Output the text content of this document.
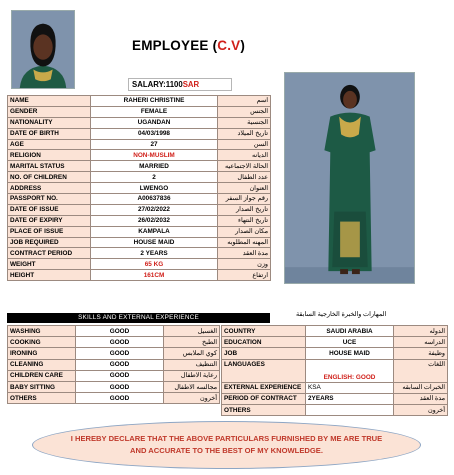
EMPLOYEE (C.V)
SALARY:1100SAR
NAME	RAHERI CHRISTINE	اسم
GENDER	FEMALE	الجنس
NATIONALITY	UGANDAN	الجنسية
DATE OF BIRTH	04/03/1998	تاريخ الميلاد
AGE	27	السن
RELIGION	NON-MUSLIM	الديانه
MARITAL STATUS	MARRIED	الحالة الاجتماعيه
NO. OF CHILDREN	2	عدد الطفال
ADDRESS	LWENGO	العنوان
PASSPORT NO.	A00637836	رقم جواز السفر
DATE OF ISSUE	27/02/2022	تاريخ الصدار
DATE OF EXPIRY	26/02/2032	تاريخ النتهاء
PLACE OF ISSUE	KAMPALA	مكان الصدار
JOB REQUIRED	HOUSE MAID	المهنه المطلوبه
CONTRACT PERIOD	2 YEARS	مدة العقد
WEIGHT	65 KG	وزن
HEIGHT	161CM	ارتفاع
SKILLS AND EXTERNAL EXPERIENCE	المهارات والخبرة الخارجية السابقة
WASHING	GOOD	الغسيل
COOKING	GOOD	الطبخ
IRONING	GOOD	كوي الملابس
CLEANING	GOOD	التنظيف
CHILDREN CARE	GOOD	رعاية الاطفال
BABY SITTING	GOOD	مجالسه الاطفال
OTHERS	GOOD	أخرون
COUNTRY	SAUDI ARABIA	الدوله
EDUCATION	UCE	الدراسه
JOB	HOUSE MAID	وظيفة
LANGUAGES	ENGLISH: GOOD	اللغات
EXTERNAL EXPERIENCE	KSA	الخبرات السابقه
PERIOD OF CONTRACT	2YEARS	مدة العقد
OTHERS		أخرون
I HEREBY DECLARE THAT THE ABOVE PARTICULARS FURNISHED BY ME ARE TRUE AND ACCURATE TO THE BEST OF MY KNOWLEDGE.
